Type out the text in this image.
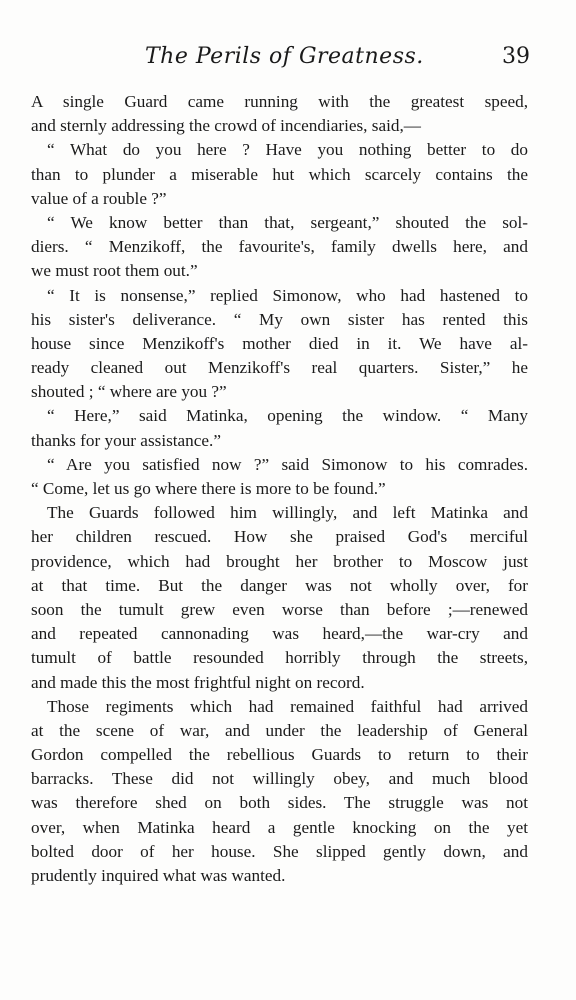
The Perils of Greatness.	39
A single Guard came running with the greatest speed,
and sternly addressing the crowd of incendiaries, said,—
“ What do you here ? Have you nothing better to do
than to plunder a miserable hut which scarcely contains the
value of a rouble ?”
“ We know better than that, sergeant,” shouted the sol-
diers. “ Menzikoff, the favourite's, family dwells here, and
we must root them out.”
“ It is nonsense,” replied Simonow, who had hastened to
his sister's deliverance. “ My own sister has rented this
house since Menzikoff's mother died in it. We have al-
ready cleaned out Menzikoff's real quarters. Sister,” he
shouted ; “ where are you ?”
“ Here,” said Matinka, opening the window. “ Many
thanks for your assistance.”
“ Are you satisfied now ?” said Simonow to his comrades.
“ Come, let us go where there is more to be found.”
The Guards followed him willingly, and left Matinka and
her children rescued. How she praised God's merciful
providence, which had brought her brother to Moscow just
at that time. But the danger was not wholly over, for
soon the tumult grew even worse than before ;—renewed
and repeated cannonading was heard,—the war-cry and
tumult of battle resounded horribly through the streets,
and made this the most frightful night on record.
Those regiments which had remained faithful had arrived
at the scene of war, and under the leadership of General
Gordon compelled the rebellious Guards to return to their
barracks. These did not willingly obey, and much blood
was therefore shed on both sides. The struggle was not
over, when Matinka heard a gentle knocking on the yet
bolted door of her house. She slipped gently down, and
prudently inquired what was wanted.
